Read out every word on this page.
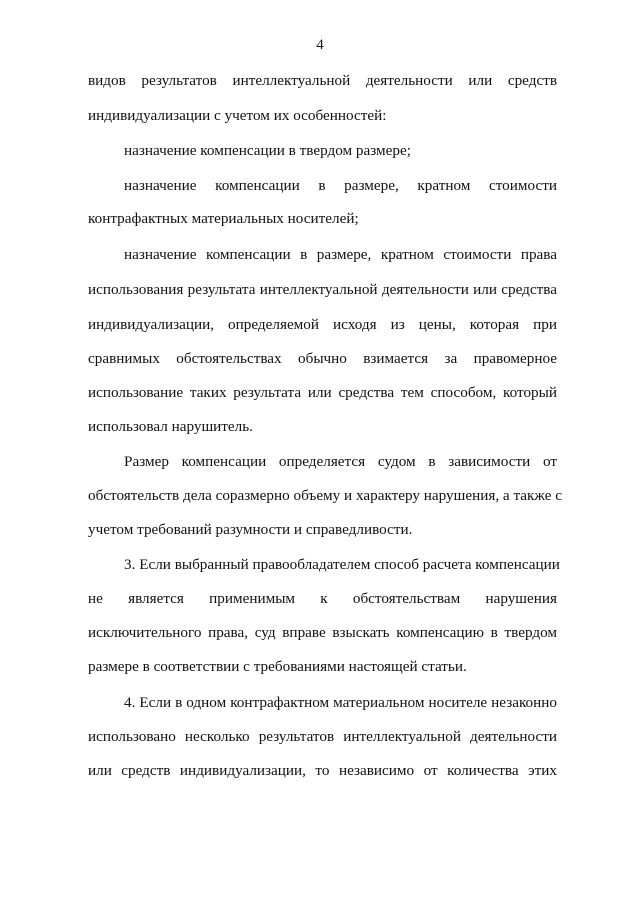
4
видов результатов интеллектуальной деятельности или средств
индивидуализации с учетом их особенностей:
назначение компенсации в твердом размере;
назначение компенсации в размере, кратном стоимости
контрафактных материальных носителей;
назначение компенсации в размере, кратном стоимости права
использования результата интеллектуальной деятельности или средства
индивидуализации, определяемой исходя из цены, которая при
сравнимых обстоятельствах обычно взимается за правомерное
использование таких результата или средства тем способом, который
использовал нарушитель.
Размер компенсации определяется судом в зависимости от
обстоятельств дела соразмерно объему и характеру нарушения, а также с
учетом требований разумности и справедливости.
3. Если выбранный правообладателем способ расчета компенсации
не является применимым к обстоятельствам нарушения
исключительного права, суд вправе взыскать компенсацию в твердом
размере в соответствии с требованиями настоящей статьи.
4. Если в одном контрафактном материальном носителе незаконно
использовано несколько результатов интеллектуальной деятельности
или средств индивидуализации, то независимо от количества этих
